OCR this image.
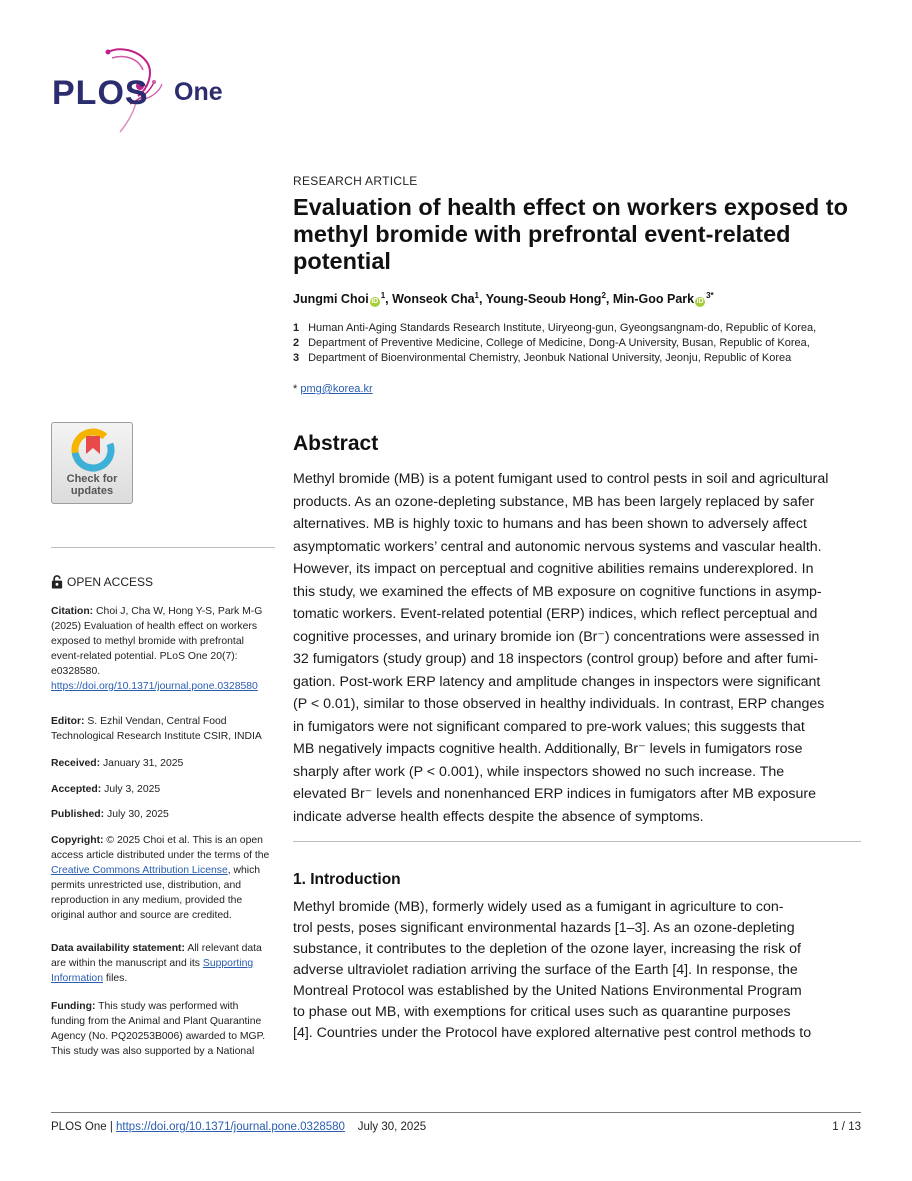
PLOS One
RESEARCH ARTICLE
Evaluation of health effect on workers exposed to methyl bromide with prefrontal event-related potential
Jungmi Choi $iD^1$, Wonseok Cha$^1$, Young-Seoub Hong$^2$, Min-Goo Park $iD^{3*}$
1 Human Anti-Aging Standards Research Institute, Uiryeong-gun, Gyeongsangnam-do, Republic of Korea,
2 Department of Preventive Medicine, College of Medicine, Dong-A University, Busan, Republic of Korea,
3 Department of Bioenvironmental Chemistry, Jeonbuk National University, Jeonju, Republic of Korea
* pmg@korea.kr
Abstract
Methyl bromide (MB) is a potent fumigant used to control pests in soil and agricultural
products. As an ozone-depleting substance, MB has been largely replaced by safer
alternatives. MB is highly toxic to humans and has been shown to adversely affect
asymptomatic workers’ central and autonomic nervous systems and vascular health.
However, its impact on perceptual and cognitive abilities remains underexplored. In
this study, we examined the effects of MB exposure on cognitive functions in asymp-
tomatic workers. Event-related potential (ERP) indices, which reflect perceptual and
cognitive processes, and urinary bromide ion (Br⁻) concentrations were assessed in
32 fumigators (study group) and 18 inspectors (control group) before and after fumi-
gation. Post-work ERP latency and amplitude changes in inspectors were significant
(P < 0.01), similar to those observed in healthy individuals. In contrast, ERP changes
in fumigators were not significant compared to pre-work values; this suggests that
MB negatively impacts cognitive health. Additionally, Br⁻ levels in fumigators rose
sharply after work (P < 0.001), while inspectors showed no such increase. The
elevated Br⁻ levels and nonenhanced ERP indices in fumigators after MB exposure
indicate adverse health effects despite the absence of symptoms.
1. Introduction
Methyl bromide (MB), formerly widely used as a fumigant in agriculture to con-
trol pests, poses significant environmental hazards [1–3]. As an ozone-depleting
substance, it contributes to the depletion of the ozone layer, increasing the risk of
adverse ultraviolet radiation arriving the surface of the Earth [4]. In response, the
Montreal Protocol was established by the United Nations Environmental Program
to phase out MB, with exemptions for critical uses such as quarantine purposes
[4]. Countries under the Protocol have explored alternative pest control methods to
Check for
updates
OPEN ACCESS
Citation: Choi J, Cha W, Hong Y-S, Park M-G (2025) Evaluation of health effect on workers exposed to methyl bromide with prefrontal event-related potential. PLoS One 20(7): e0328580. https://doi.org/10.1371/journal.pone.0328580
Editor: S. Ezhil Vendan, Central Food Technological Research Institute CSIR, INDIA
Received: January 31, 2025
Accepted: July 3, 2025
Published: July 30, 2025
Copyright: © 2025 Choi et al. This is an open access article distributed under the terms of the Creative Commons Attribution License, which permits unrestricted use, distribution, and reproduction in any medium, provided the original author and source are credited.
Data availability statement: All relevant data are within the manuscript and its Supporting Information files.
Funding: This study was performed with funding from the Animal and Plant Quarantine Agency (No. PQ20253B006) awarded to MGP. This study was also supported by a National
PLOS One | https://doi.org/10.1371/journal.pone.0328580 July 30, 2025	1 / 13
